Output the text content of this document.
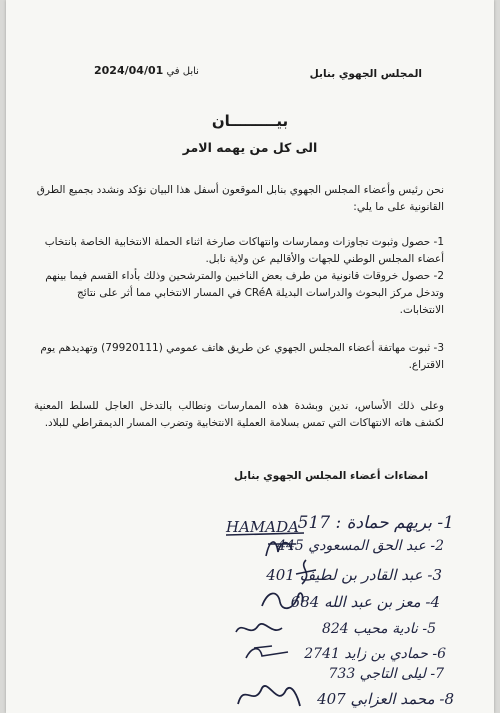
المجلس الجهوي بنابل
نابل في 2024/04/01
بيـــــــــان
الى كل من يهمه الامر
نحن رئيس وأعضاء المجلس الجهوي بنابل الموقعون أسفل هذا البيان نؤكد ونشدد بجميع الطرق القانونية على ما يلي:
1- حصول وثبوت تجاوزات وممارسات وانتهاكات صارخة اثناء الحملة الانتخابية الخاصة بانتخاب أعضاء المجلس الوطني للجهات والأقاليم عن ولاية نابل.
2- حصول خروقات قانونية من طرف بعض الناخبين والمترشحين وذلك بأداء القسم فيما بينهم وتدخل مركز البحوث والدراسات البديلة CRéA في المسار الانتخابي مما أثر على نتائج الانتخابات.
3- ثبوت مهاتفة أعضاء المجلس الجهوي عن طريق هاتف عمومي (79920111) وتهديدهم يوم الاقتراع.
وعلى ذلك الأساس، ندين وبشدة هذه الممارسات ونطالب بالتدخل العاجل للسلط المعنية لكشف هاته الانتهاكات التي تمس بسلامة العملية الانتخابية وتضرب المسار الديمقراطي للبلاد.
امضاءات أعضاء المجلس الجهوي بنابل
HAMADA
1- بريهم حمادة : 517
2- عبد الحق المسعودي 445
3- عبد القادر بن لطيف 401
4- معز بن عبد الله 684
5- نادية محيب 824
6- حمادي بن زايد 2741
7- ليلى التاجي 733
8- محمد العزابي 407
